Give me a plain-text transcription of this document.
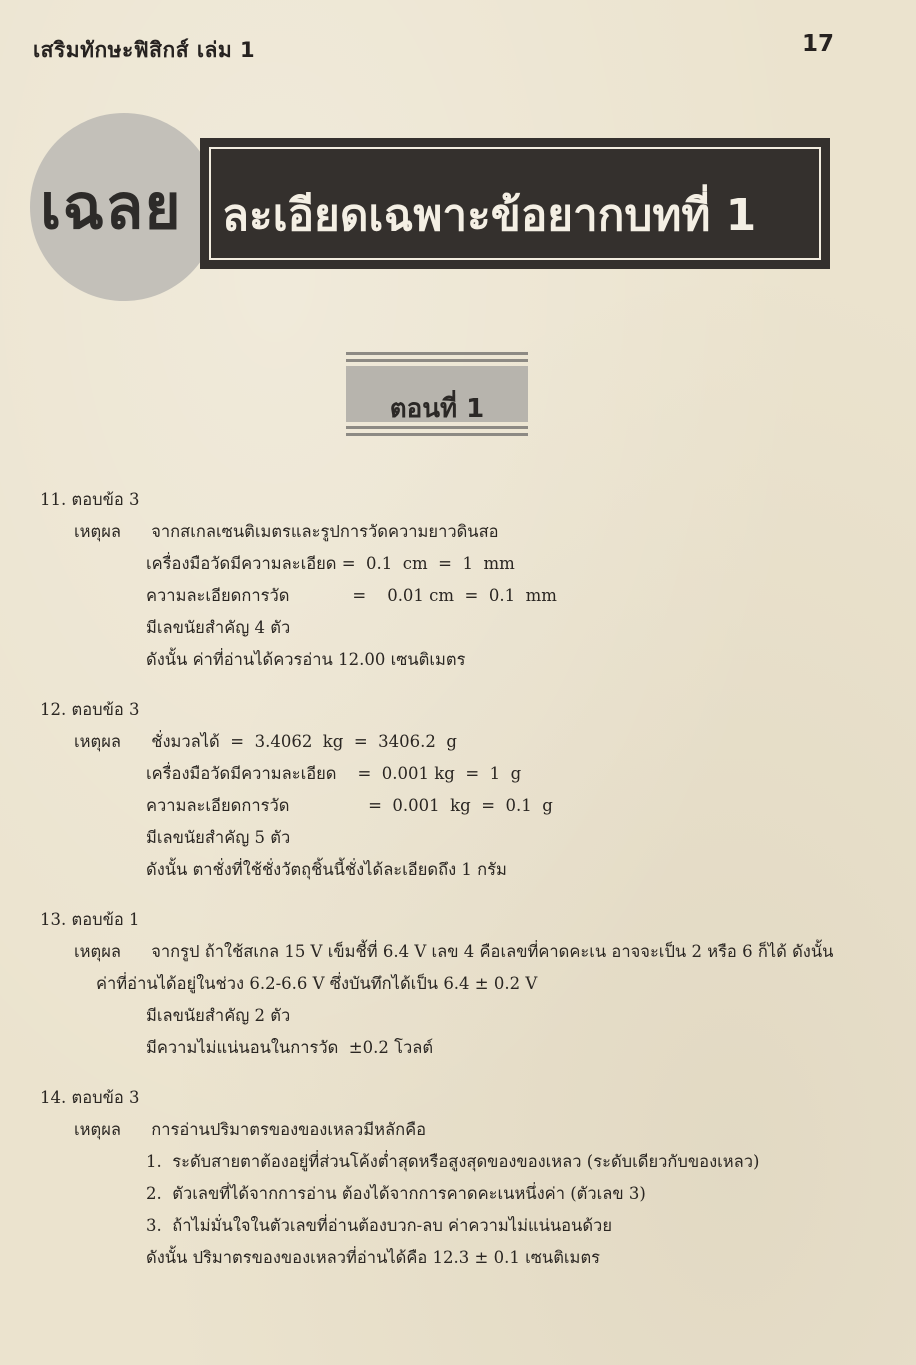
เสริมทักษะฟิสิกส์ เล่ม 1	17
เฉลย ละเอียดเฉพาะข้อยากบทที่ 1
ตอนที่ 1
11. ตอบข้อ 3
เหตุผล จากสเกลเซนติเมตรและรูปการวัดความยาวดินสอ
เครื่องมือวัดมีความละเอียด =  0.1  cm  =  1  mm
ความละเอียดการวัด            =    0.01 cm  =  0.1  mm
มีเลขนัยสำคัญ 4 ตัว
ดังนั้น ค่าที่อ่านได้ควรอ่าน 12.00 เซนติเมตร
12. ตอบข้อ 3
เหตุผล ชั่งมวลได้  =  3.4062  kg  =  3406.2  g
เครื่องมือวัดมีความละเอียด    =  0.001 kg  =  1  g
ความละเอียดการวัด               =  0.001  kg  =  0.1  g
มีเลขนัยสำคัญ 5 ตัว
ดังนั้น ตาชั่งที่ใช้ชั่งวัตถุชิ้นนี้ชั่งได้ละเอียดถึง 1 กรัม
13. ตอบข้อ 1
เหตุผล จากรูป ถ้าใช้สเกล 15 V เข็มชี้ที่ 6.4 V เลข 4 คือเลขที่คาดคะเน อาจจะเป็น 2 หรือ 6 ก็ได้ ดังนั้น
ค่าที่อ่านได้อยู่ในช่วง 6.2-6.6 V ซึ่งบันทึกได้เป็น 6.4 ± 0.2 V
มีเลขนัยสำคัญ 2 ตัว
มีความไม่แน่นอนในการวัด  ±0.2 โวลต์
14. ตอบข้อ 3
เหตุผล การอ่านปริมาตรของของเหลวมีหลักคือ
1.  ระดับสายตาต้องอยู่ที่ส่วนโค้งต่ำสุดหรือสูงสุดของของเหลว (ระดับเดียวกับของเหลว)
2.  ตัวเลขที่ได้จากการอ่าน ต้องได้จากการคาดคะเนหนึ่งค่า (ตัวเลข 3)
3.  ถ้าไม่มั่นใจในตัวเลขที่อ่านต้องบวก-ลบ ค่าความไม่แน่นอนด้วย
ดังนั้น ปริมาตรของของเหลวที่อ่านได้คือ 12.3 ± 0.1 เซนติเมตร
